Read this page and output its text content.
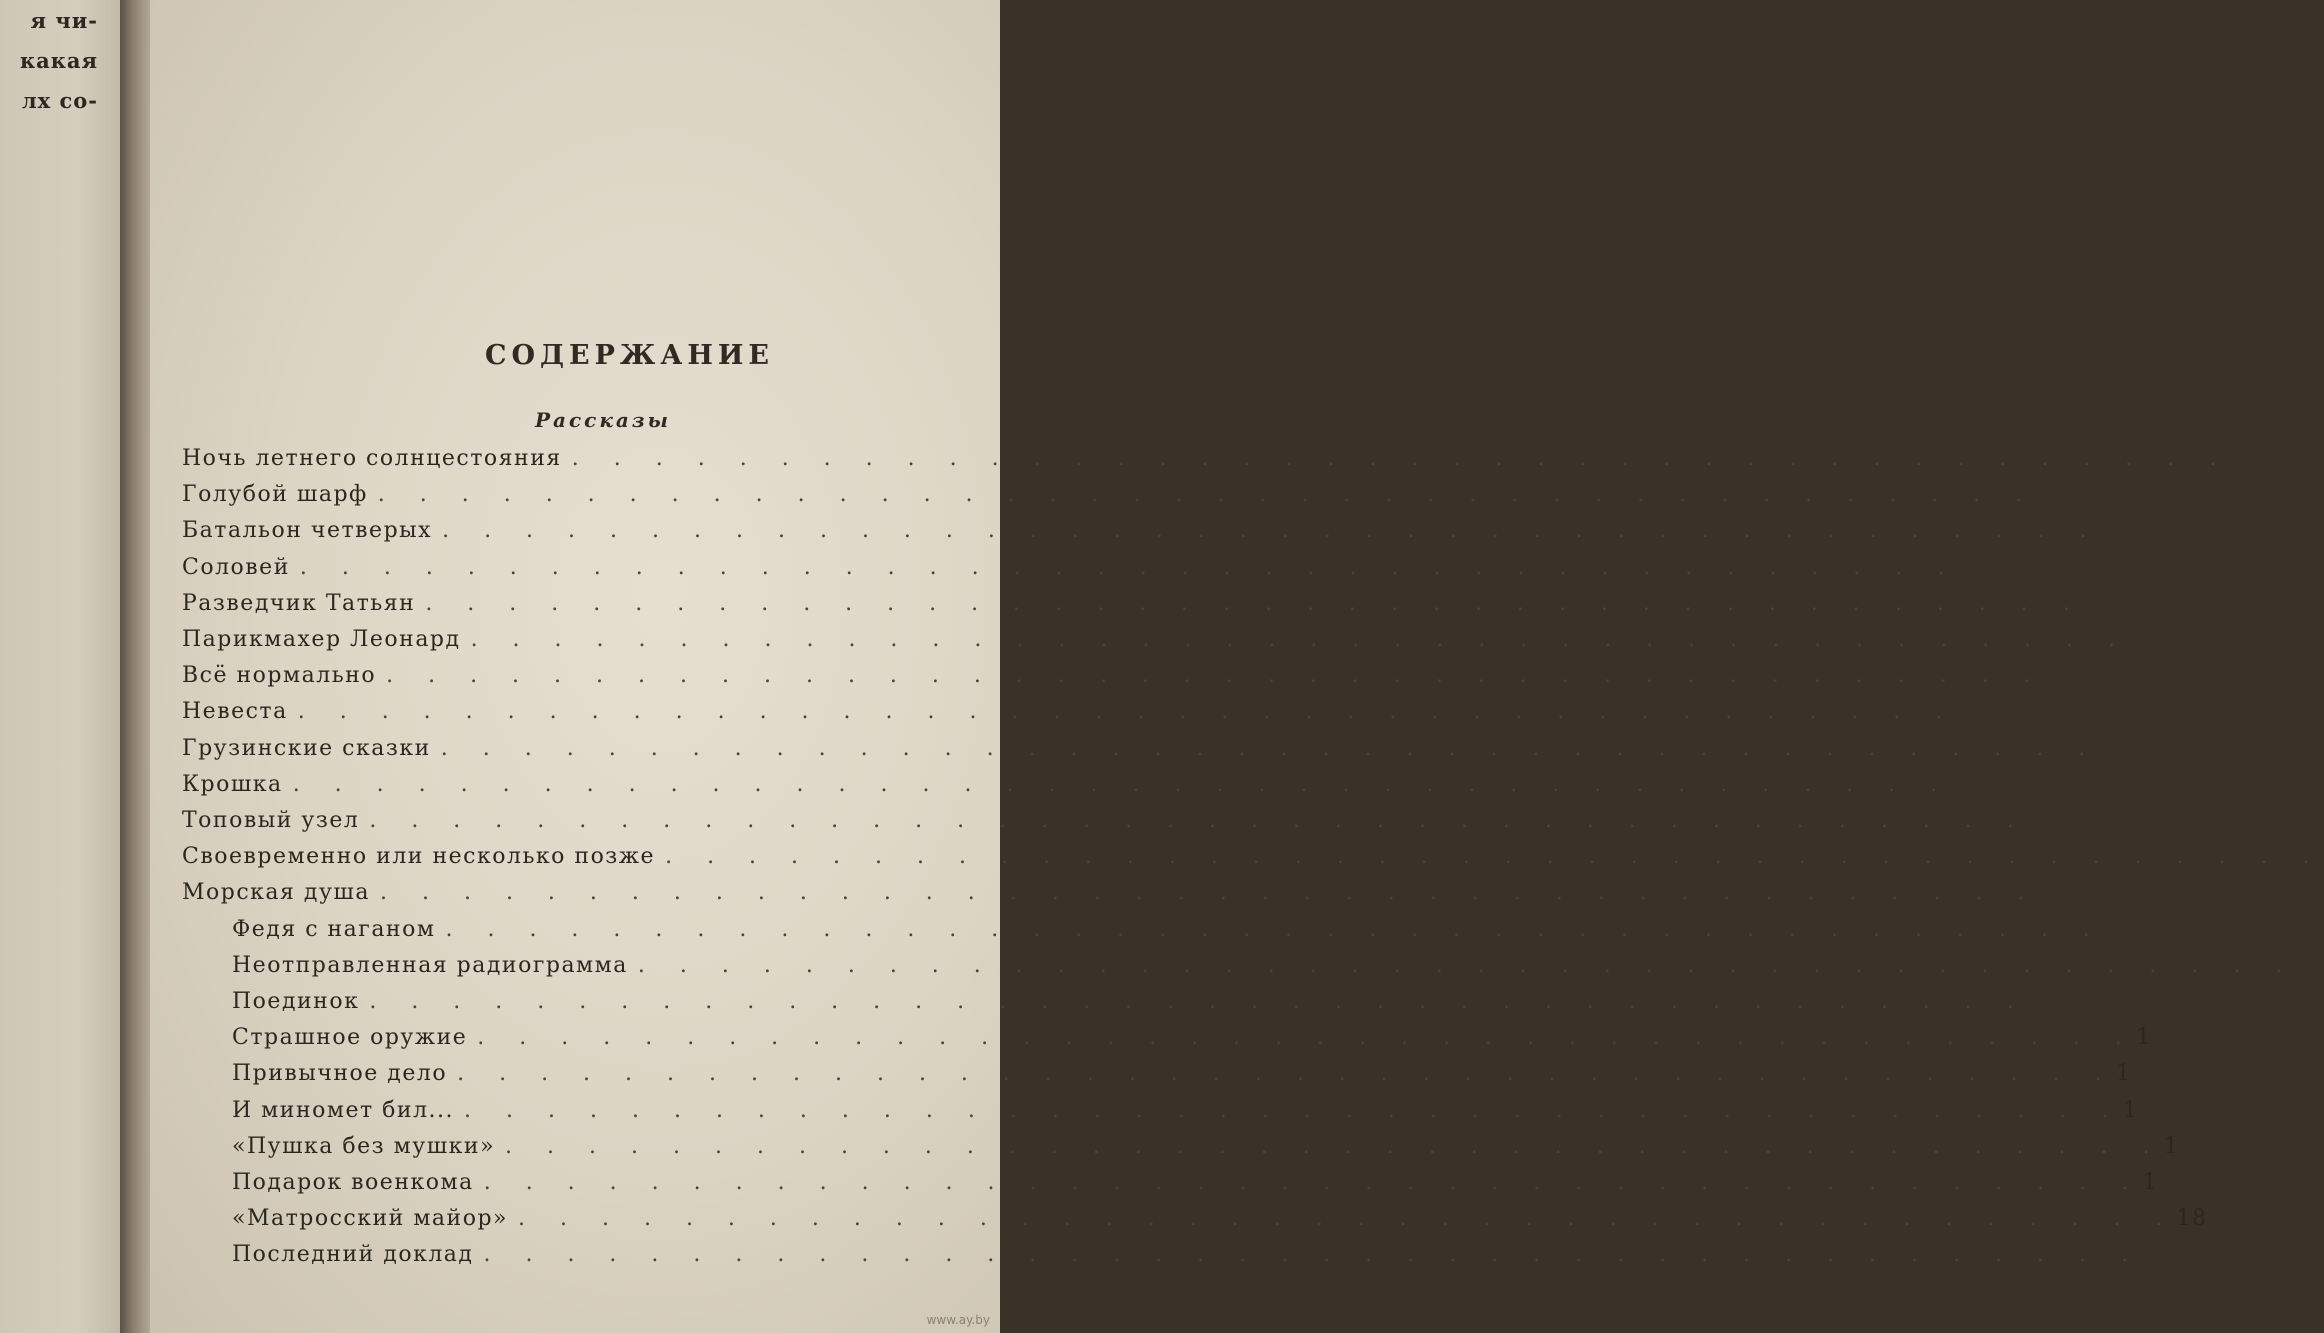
я чи-
какая
лх со-
СОДЕРЖАНИЕ
Рассказы
Ночь летнего солнцестояния . . . . . . . . . . . . . . . . . . . . . . . . . . . . . . . . . . . . . . . .
Голубой шарф . . . . . . . . . . . . . . . . . . . . . . . . . . . . . . . . . . . . . . . .
Батальон четверых . . . . . . . . . . . . . . . . . . . . . . . . . . . . . . . . . . . . . . . .
Соловей . . . . . . . . . . . . . . . . . . . . . . . . . . . . . . . . . . . . . . . .
Разведчик Татьян . . . . . . . . . . . . . . . . . . . . . . . . . . . . . . . . . . . . . . . .
Парикмахер Леонард . . . . . . . . . . . . . . . . . . . . . . . . . . . . . . . . . . . . . . . .
Всё нормально . . . . . . . . . . . . . . . . . . . . . . . . . . . . . . . . . . . . . . . .
Невеста . . . . . . . . . . . . . . . . . . . . . . . . . . . . . . . . . . . . . . . .
Грузинские сказки . . . . . . . . . . . . . . . . . . . . . . . . . . . . . . . . . . . . . . . .
Крошка . . . . . . . . . . . . . . . . . . . . . . . . . . . . . . . . . . . . . . . .
Топовый узел . . . . . . . . . . . . . . . . . . . . . . . . . . . . . . . . . . . . . . . .
Своевременно или несколько позже . . . . . . . . . . . . . . . . . . . . . . . . . . . . . . . . . . . . . . . .
Морская душа . . . . . . . . . . . . . . . . . . . . . . . . . . . . . . . . . . . . . . . .
Федя с наганом . . . . . . . . . . . . . . . . . . . . . . . . . . . . . . . . . . . . . . . .
Неотправленная радиограмма . . . . . . . . . . . . . . . . . . . . . . . . . . . . . . . . . . . . . . . .
Поединок . . . . . . . . . . . . . . . . . . . . . . . . . . . . . . . . . . . . . . . .
Страшное оружие . . . . . . . . . . . . . . . . . . . . . . . . . . . . . . . . . . . . . . . . 1
Привычное дело . . . . . . . . . . . . . . . . . . . . . . . . . . . . . . . . . . . . . . . . 1
И миномет бил... . . . . . . . . . . . . . . . . . . . . . . . . . . . . . . . . . . . . . . . . 1
«Пушка без мушки» . . . . . . . . . . . . . . . . . . . . . . . . . . . . . . . . . . . . . . . . 1
Подарок военкома . . . . . . . . . . . . . . . . . . . . . . . . . . . . . . . . . . . . . . . . 1
«Матросский майор» . . . . . . . . . . . . . . . . . . . . . . . . . . . . . . . . . . . . . . . . 18
Последний доклад . . . . . . . . . . . . . . . . . . . . . . . . . . . . . . . . . . . . . . . .
www.ay.by
